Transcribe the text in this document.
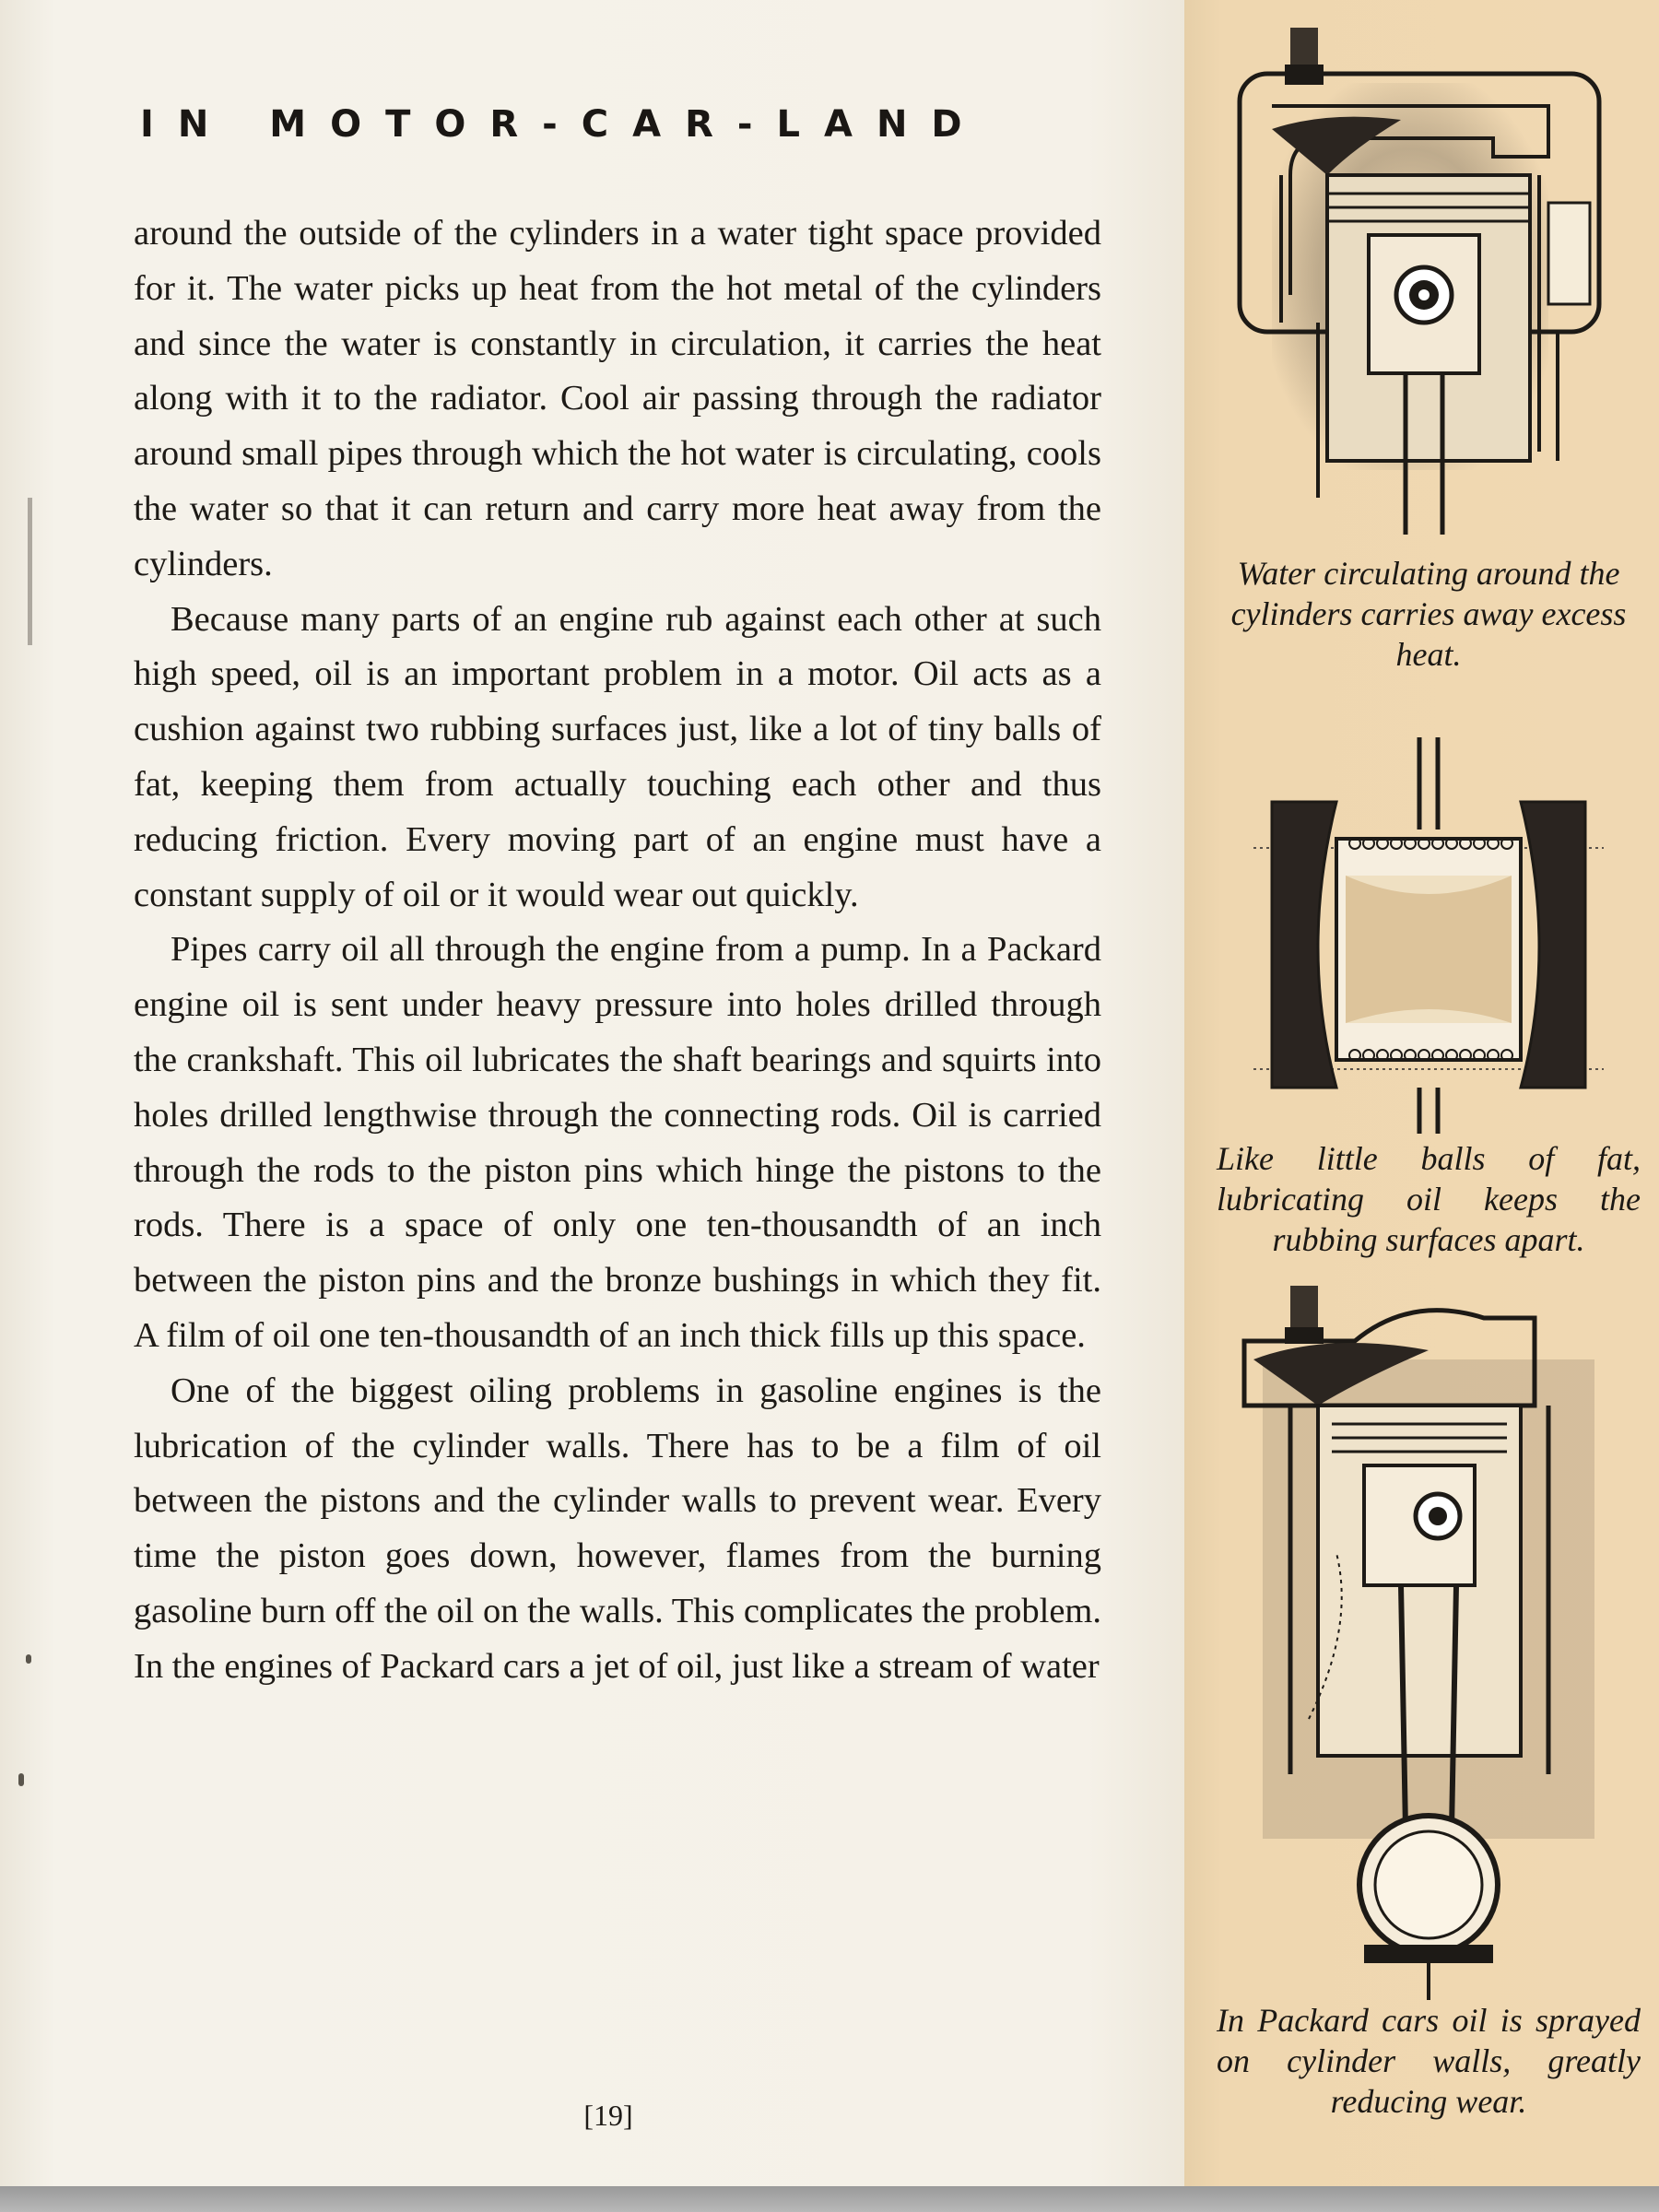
IN MOTOR-CAR-LAND

around the outside of the cylinders in a water tight space provided for it. The water picks up heat from the hot metal of the cylinders and since the water is constantly in circulation, it carries the heat along with it to the radiator. Cool air passing through the radiator around small pipes through which the hot water is circulating, cools the water so that it can return and carry more heat away from the cylinders.

Because many parts of an engine rub against each other at such high speed, oil is an important problem in a motor. Oil acts as a cushion against two rubbing surfaces just, like a lot of tiny balls of fat, keeping them from actually touching each other and thus reducing friction. Every moving part of an engine must have a constant supply of oil or it would wear out quickly.

Pipes carry oil all through the engine from a pump. In a Packard engine oil is sent under heavy pressure into holes drilled through the crankshaft. This oil lubricates the shaft bearings and squirts into holes drilled lengthwise through the connecting rods. Oil is carried through the rods to the piston pins which hinge the pistons to the rods. There is a space of only one ten-thousandth of an inch between the piston pins and the bronze bushings in which they fit. A film of oil one ten-thousandth of an inch thick fills up this space.

One of the biggest oiling problems in gasoline engines is the lubrication of the cylinder walls. There has to be a film of oil between the pistons and the cylinder walls to prevent wear. Every time the piston goes down, however, flames from the burning gasoline burn off the oil on the walls. This complicates the problem. In the engines of Packard cars a jet of oil, just like a stream of water

[19]
Water circulating around the cylinders carries away excess heat.
Like little balls of fat, lubricating oil keeps the rubbing surfaces apart.
In Packard cars oil is sprayed on cylinder walls, greatly reducing wear.
